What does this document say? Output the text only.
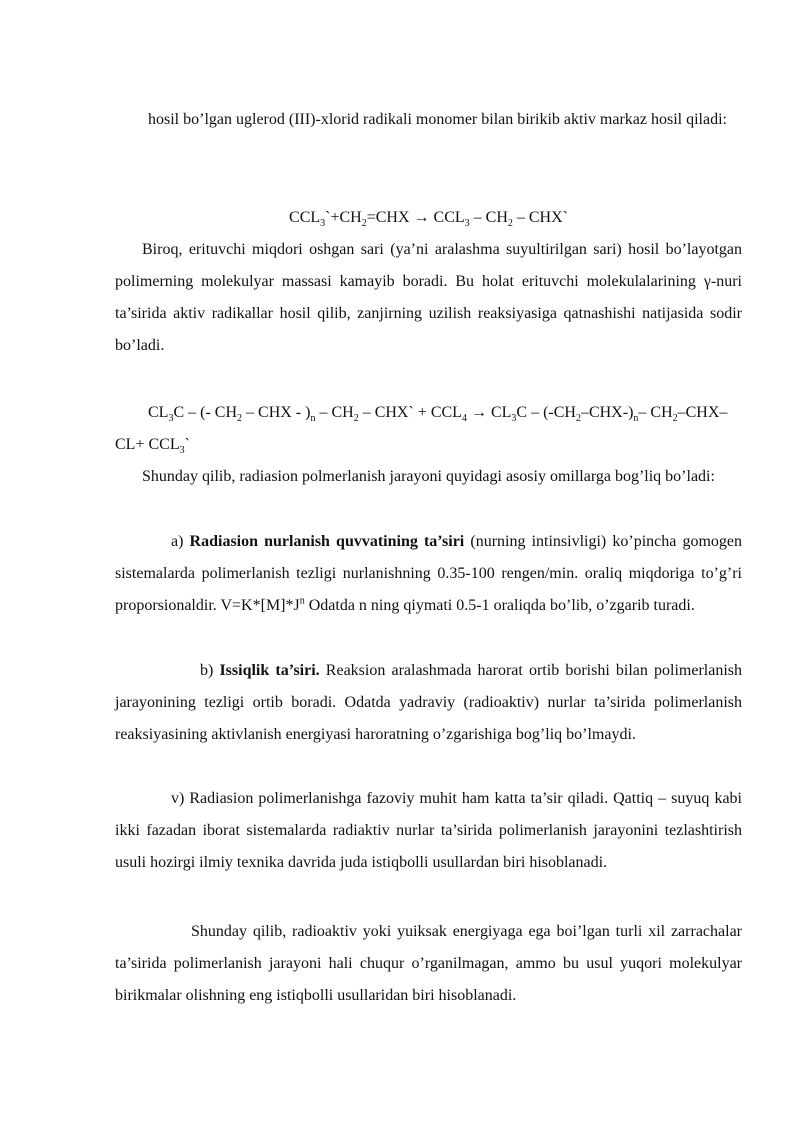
hosil bo’lgan uglerod (III)-xlorid radikali monomer bilan birikib aktiv markaz hosil qiladi:

$CCL_3`+CH_2=CHX \to CCL_3 - CH_2$ – CHX`

Biroq, erituvchi miqdori oshgan sari (ya’ni aralashma suyultirilgan sari) hosil bo’layotgan polimerning molekulyar massasi kamayib boradi. Bu holat erituvchi molekulalarining γ-nuri ta’sirida aktiv radikallar hosil qilib, zanjirning uzilish reaksiyasiga qatnashishi natijasida sodir bo’ladi.

$CL_3C$ – (- $CH_2$ – CHX - )$_n - CH_2$ – CHX` + $CCL_4 \to CL_3C - (-CH_2-CHX-)_n-$ $CH_2-CHX-CL+$ $CCL_3`$

Shunday qilib, radiasion polmerlanish jarayoni quyidagi asosiy omillarga bog’liq bo’ladi:

a) Radiasion nurlanish quvvatining ta’siri (nurning intinsivligi) ko’pincha gomogen sistemalarda polimerlanish tezligi nurlanishning 0.35-100 rengen/min. oraliq miqdoriga to’g’ri proporsionaldir. $V=K*[M]*J^n$ Odatda n ning qiymati 0.5-1 oraliqda bo’lib, o’zgarib turadi.

b) Issiqlik ta’siri. Reaksion aralashmada harorat ortib borishi bilan polimerlanish jarayonining tezligi ortib boradi. Odatda yadraviy (radioaktiv) nurlar ta’sirida polimerlanish reaksiyasining aktivlanish energiyasi haroratning o’zgarishiga bog’liq bo’lmaydi.

v) Radiasion polimerlanishga fazoviy muhit ham katta ta’sir qiladi. Qattiq – suyuq kabi ikki fazadan iborat sistemalarda radiaktiv nurlar ta’sirida polimerlanish jarayonini tezlashtirish usuli hozirgi ilmiy texnika davrida juda istiqbolli usullardan biri hisoblanadi.

Shunday qilib, radioaktiv yoki yuiksak energiyaga ega boi’lgan turli xil zarrachalar ta’sirida polimerlanish jarayoni hali chuqur o’rganilmagan, ammo bu usul yuqori molekulyar birikmalar olishning eng istiqbolli usullaridan biri hisoblanadi.
